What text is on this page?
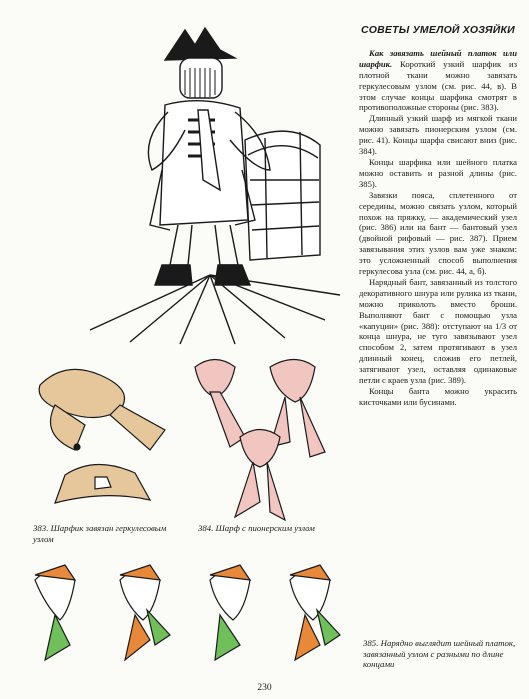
СОВЕТЫ УМЕЛОЙ ХОЗЯЙКИ

Как завязать шейный платок или шарфик. Короткий узкий шарфик из плотной ткани можно завязать геркулесовым узлом (см. рис. 44, в). В этом случае концы шарфика смотрят в противоположные стороны (рис. 383).

Длинный узкий шарф из мягкой ткани можно завязать пионерским узлом (см. рис. 41). Концы шарфа свисают вниз (рис. 384).

Концы шарфика или шейного платка можно оставить и разной длины (рис. 385).

Завязки пояса, сплетенного от середины, можно связать узлом, который похож на пряжку, — академический узел (рис. 386) или на бант — бантовый узел (двойной рифовый — рис. 387). Прием завязывания этих узлов вам уже знаком: это усложненный способ выполнения геркулесова узла (см. рис. 44, а, б).

Нарядный бант, завязанный из толстого декоративного шнура или рулика из ткани, можно приколоть вместо броши. Выполняют бант с помощью узла «капуцин» (рис. 388): отступают на 1/3 от конца шнура, не туго завязывают узел способом 2, затем протягивают в узел длинный конец, сложив его петлей, затягивают узел, оставляя одинаковые петли с краев узла (рис. 389).

Концы банта можно украсить кисточками или бусинами.

383. Шарфик завязан геркулесовым узлом
384. Шарф с пионерским узлом
385. Нарядно выглядит шейный платок, завязанный узлом с разными по длине концами
230
